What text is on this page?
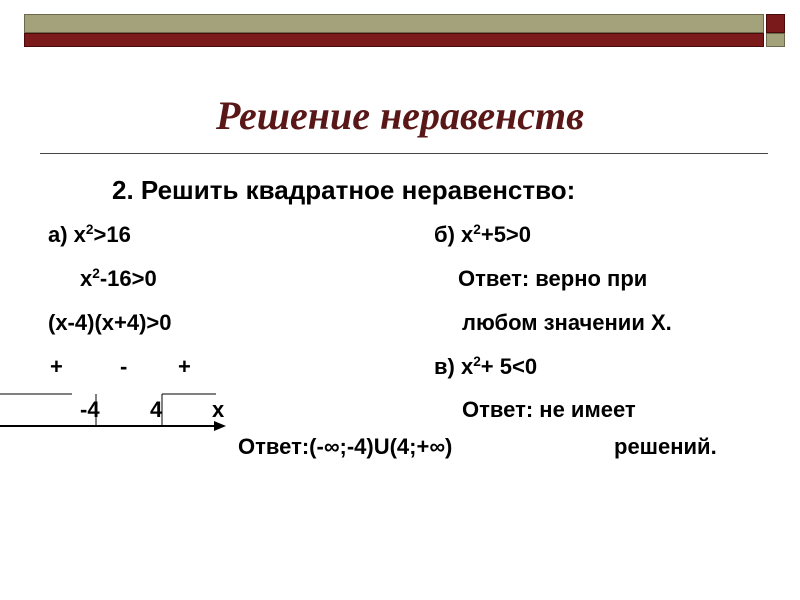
Решение неравенств
2. Решить квадратное неравенство:
а) $x^2>16$
$x^2-16>0$
(x-4)(x+4)>0
+	- +
-4 4 x
Ответ:(-∞;-4)U(4;+∞)
б) $x^2+5>0$
Ответ: верно при
любом значении X.
в) $x^2+ 5<0$
Ответ: не имеет
решений.
